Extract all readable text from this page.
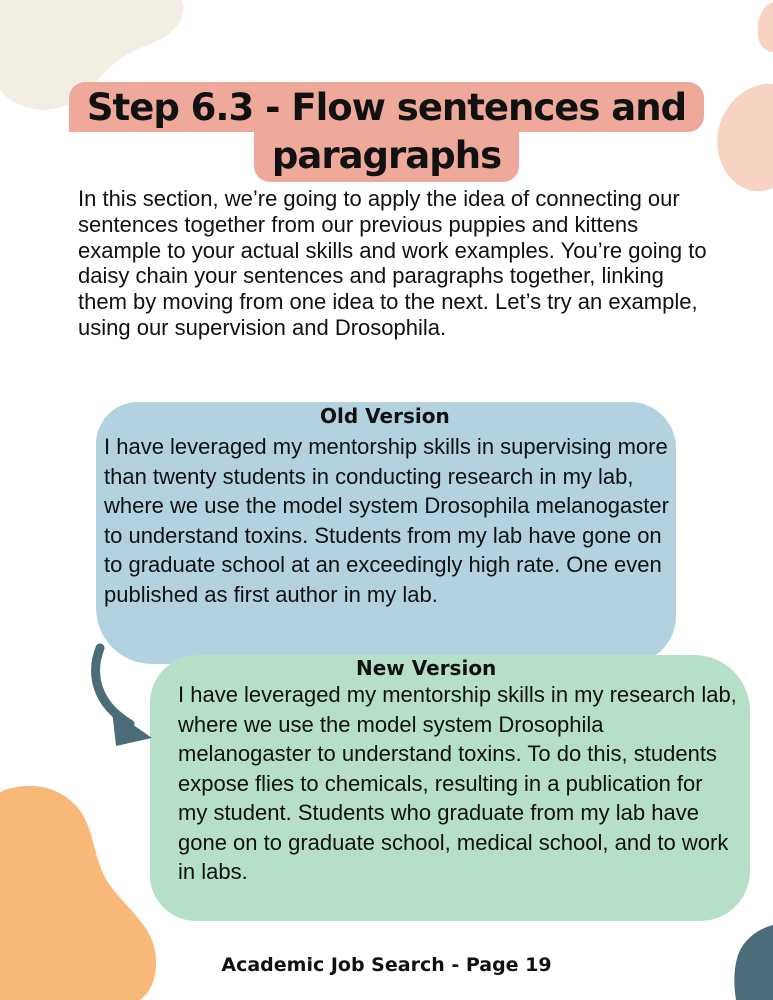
Step 6.3 - Flow sentences and
paragraphs

In this section, we’re going to apply the idea of connecting our sentences together from our previous puppies and kittens example to your actual skills and work examples. You’re going to daisy chain your sentences and paragraphs together, linking them by moving from one idea to the next. Let’s try an example, using our supervision and Drosophila.

Old Version

I have leveraged my mentorship skills in supervising more than twenty students in conducting research in my lab, where we use the model system Drosophila melanogaster to understand toxins. Students from my lab have gone on to graduate school at an exceedingly high rate. One even published as first author in my lab.

New Version

I have leveraged my mentorship skills in my research lab, where we use the model system Drosophila melanogaster to understand toxins. To do this, students expose flies to chemicals, resulting in a publication for my student. Students who graduate from my lab have gone on to graduate school, medical school, and to work in labs.

Academic Job Search - Page 19
